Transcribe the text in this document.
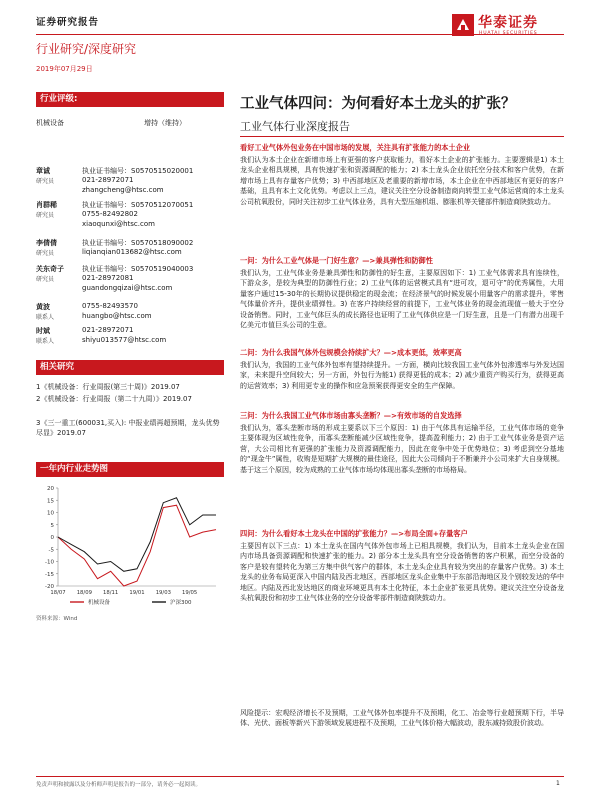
证券研究报告	华泰证券
行业研究/深度研究
2019年07月29日
行业评级:
机械设备	增持（维持）
章诚
研究员
执业证书编号：S0570515020001
021-28972071
zhangcheng@htsc.com
肖群稀
研究员
执业证书编号：S0570512070051
0755-82492802
xiaoqunxi@htsc.com
李倩倩
研究员
执业证书编号：S0570518090002
liqianqian013682@htsc.com
关东奇子
研究员
执业证书编号：S0570519040003
021-28972081
guandongqizai@htsc.com
黄波
联系人
0755-82493570
huangbo@htsc.com
时斌
联系人
021-28972071
shiyu013577@htsc.com
相关研究
1《机械设备：行业周报(第三十周)》2019.07
2《机械设备：行业周报（第二十九周）》2019.07
3《三一重工(600031,买入): 中报业绩再超预期，龙头优势尽显》2019.07
一年内行业走势图
20
15
10
5
0
-5
-10
-15
-20
18/07 18/09 18/11 19/01 19/03 19/05
机械设备	沪深300
资料来源：Wind
工业气体四问：为何看好本土龙头的扩张？
工业气体行业深度报告
看好工业气体外包业务在中国市场的发展，关注具有扩张能力的本土企业
我们认为本土企业在新增市场上有更强的客户获取能力，看好本土企业的扩张能力。主要逻辑是1) 本土龙头企业相具规模，具有快速扩张和资源调配的能力；2) 本土龙头企业依托空分技术和客户优势，在新增市场上具有存量客户优势；3) 中西部地区及老重要的新增市场，本土企业在中西部地区有更好的客户基础，且具有本土文化优势。考虑以上三点，建议关注空分设备制造商向转型工业气体运营商的本土龙头公司杭氧股份，同时关注初步工业气体业务，具有大型压缩机组、膨胀机等关键部件制造商陕鼓动力。
一问：为什么工业气体是一门好生意？—>兼具弹性和防御性
我们认为，工业气体业务是兼具弹性和防御性的好生意，主要原因如下：1) 工业气体需求具有连续性，下游众多，是较为典型的防御性行业；2) 工业气体的运营模式具有“进可攻，退可守”的优秀属性，大用量客户通过15-30年的长期协议提供稳定的现金流；在经济景气的时候发展小用量客户的需求提升，零售气体量价齐升，提供业绩弹性。3) 在客户持续经营的前提下，工业气体业务的现金流现值一般大于空分设备销售。同时，工业气体巨头的成长路径也证明了工业气体供应是一门好生意，且是一门有潜力出现千亿美元市值巨头公司的生意。
二问：为什么我国气体外包规模会持续扩大？—>成本更低，效率更高
我们认为，我国的工业气体外包率有望持续提升。一方面，横向比较我国工业气体外包渗透率与外发达国家，未来提升空间较大；另一方面，外包行为能1) 获得更低的成本；2) 减少重资产购买行为，获得更高的运营效率；3) 利用更专业的操作和应急预案获得更安全的生产保障。
三问：为什么我国工业气体市场由寡头垄断？—>有效市场的自发选择
我们认为，寡头垄断市场的形成主要系以下三个原因：1) 由于气体具有运输半径，工业气体市场的竞争主要体现为区域性竞争，而寡头垄断能减少区域性竞争，提高盈利能力；2) 由于工业气体业务是资产运营，大公司相比有更强的扩张能力及资源调配能力，因此在竞争中处于优势地位；3) 考虑到空分基地的“现金牛”属性，收购是短期扩大规模的最佳途径，因此大公司倾向于不断兼并小公司来扩大自身规模。基于这三个原因，较为成熟的工业气体市场均体现出寡头垄断的市场格局。
四问：为什么看好本土龙头在中国的扩张能力？—>布局全面+存量客户
主要因有以下三点：1) 本土龙头在国内气体外包市场上已相具规模，我们认为，目前本土龙头企业在国内市场具备资源调配和快速扩张的能力。2) 部分本土龙头具有空分设备销售的客户积累，而空分设备的客户是较有望转化为第三方集中供气客户的群体，本土龙头企业具有较为突出的存量客户优势。3) 本土龙头的业务布局更深入中国内陆及西北地区，西部地区龙头企业集中于东部沿海地区及个别较发达的华中地区。内陆及西北发达地区的商业环境更具有本土化特征，本土企业扩张更具优势。建议关注空分设备龙头杭氧股份和初步工业气体业务的空分设备零部件制造商陕鼓动力。
风险提示：宏观经济增长不及预期，工业气体外包率提升不及预期，化工、冶金等行业超预期下行，半导体、光伏、面板等新兴下游领域发展进程不及预期，工业气体价格大幅波动，股东减持致股价波动。
免责声明和披露以及分析师声明是报告的一部分，请务必一起阅读。	1
